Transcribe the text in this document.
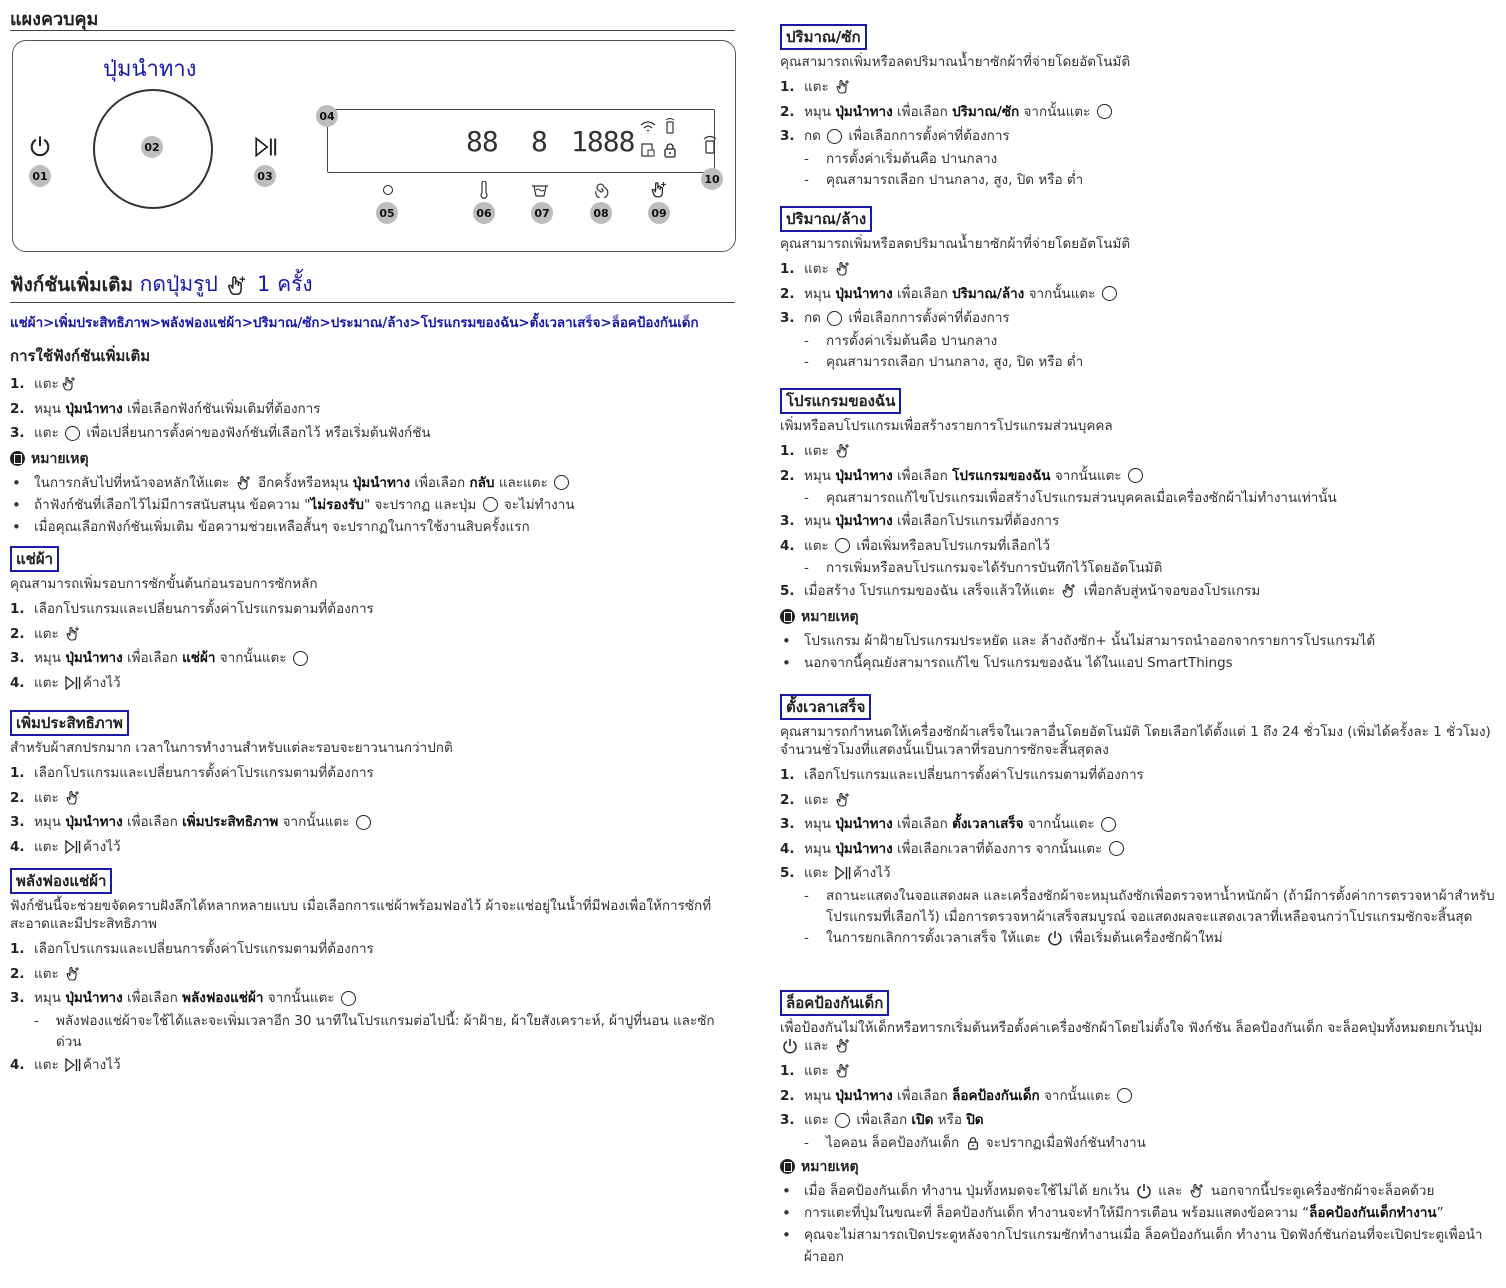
แผงควบคุม
ปุ่มนำทาง
01
02
03
88 8 1888
04
10
05	06	07	08	09
ฟังก์ชันเพิ่มเติม กดปุ่มรูป 1 ครั้ง
แช่ผ้า>เพิ่มประสิทธิภาพ>พลังฟองแช่ผ้า>ปริมาณ/ซัก>ประมาณ/ล้าง>โปรแกรมของฉัน>ตั้งเวลาเสร็จ>ล็อคป้องกันเด็ก
การใช้ฟังก์ชันเพิ่มเติม
1. แตะ
2. หมุน ปุ่มนำทาง เพื่อเลือกฟังก์ชันเพิ่มเติมที่ต้องการ
3. แตะ เพื่อเปลี่ยนการตั้งค่าของฟังก์ชันที่เลือกไว้ หรือเริ่มต้นฟังก์ชัน
หมายเหตุ
• ในการกลับไปที่หน้าจอหลักให้แตะ อีกครั้งหรือหมุน ปุ่มนำทาง เพื่อเลือก กลับ และแตะ
• ถ้าฟังก์ชันที่เลือกไว้ไม่มีการสนับสนุน ข้อความ "ไม่รองรับ" จะปรากฏ และปุ่ม จะไม่ทำงาน
• เมื่อคุณเลือกฟังก์ชันเพิ่มเติม ข้อความช่วยเหลือสั้นๆ จะปรากฏในการใช้งานสิบครั้งแรก
แช่ผ้า
คุณสามารถเพิ่มรอบการซักขั้นต้นก่อนรอบการซักหลัก
1. เลือกโปรแกรมและเปลี่ยนการตั้งค่าโปรแกรมตามที่ต้องการ
2. แตะ
3. หมุน ปุ่มนำทาง เพื่อเลือก แช่ผ้า จากนั้นแตะ
4. แตะ ค้างไว้
เพิ่มประสิทธิภาพ
สำหรับผ้าสกปรกมาก เวลาในการทำงานสำหรับแต่ละรอบจะยาวนานกว่าปกติ
1. เลือกโปรแกรมและเปลี่ยนการตั้งค่าโปรแกรมตามที่ต้องการ
2. แตะ
3. หมุน ปุ่มนำทาง เพื่อเลือก เพิ่มประสิทธิภาพ จากนั้นแตะ
4. แตะ ค้างไว้
พลังฟองแช่ผ้า
ฟังก์ชันนี้จะช่วยขจัดคราบฝังลึกได้หลากหลายแบบ เมื่อเลือกการแช่ผ้าพร้อมฟองไว้ ผ้าจะแช่อยู่ในน้ำที่มีฟองเพื่อให้การซักที่สะอาดและมีประสิทธิภาพ
1. เลือกโปรแกรมและเปลี่ยนการตั้งค่าโปรแกรมตามที่ต้องการ
2. แตะ
3. หมุน ปุ่มนำทาง เพื่อเลือก พลังฟองแช่ผ้า จากนั้นแตะ
- พลังฟองแช่ผ้าจะใช้ได้และจะเพิ่มเวลาอีก 30 นาทีในโปรแกรมต่อไปนี้: ผ้าฝ้าย, ผ้าใยสังเคราะห์, ผ้าปูที่นอน และซักด่วน
4. แตะ ค้างไว้
ปริมาณ/ซัก
คุณสามารถเพิ่มหรือลดปริมาณน้ำยาซักผ้าที่จ่ายโดยอัตโนมัติ
1. แตะ
2. หมุน ปุ่มนำทาง เพื่อเลือก ปริมาณ/ซัก จากนั้นแตะ
3. กด เพื่อเลือกการตั้งค่าที่ต้องการ
- การตั้งค่าเริ่มต้นคือ ปานกลาง
- คุณสามารถเลือก ปานกลาง, สูง, ปิด หรือ ต่ำ
ปริมาณ/ล้าง
คุณสามารถเพิ่มหรือลดปริมาณน้ำยาซักผ้าที่จ่ายโดยอัตโนมัติ
1. แตะ
2. หมุน ปุ่มนำทาง เพื่อเลือก ปริมาณ/ล้าง จากนั้นแตะ
3. กด เพื่อเลือกการตั้งค่าที่ต้องการ
- การตั้งค่าเริ่มต้นคือ ปานกลาง
- คุณสามารถเลือก ปานกลาง, สูง, ปิด หรือ ต่ำ
โปรแกรมของฉัน
เพิ่มหรือลบโปรแกรมเพื่อสร้างรายการโปรแกรมส่วนบุคคล
1. แตะ
2. หมุน ปุ่มนำทาง เพื่อเลือก โปรแกรมของฉัน จากนั้นแตะ
- คุณสามารถแก้ไขโปรแกรมเพื่อสร้างโปรแกรมส่วนบุคคลเมื่อเครื่องซักผ้าไม่ทำงานเท่านั้น
3. หมุน ปุ่มนำทาง เพื่อเลือกโปรแกรมที่ต้องการ
4. แตะ เพื่อเพิ่มหรือลบโปรแกรมที่เลือกไว้
- การเพิ่มหรือลบโปรแกรมจะได้รับการบันทึกไว้โดยอัตโนมัติ
5. เมื่อสร้าง โปรแกรมของฉัน เสร็จแล้วให้แตะ เพื่อกลับสู่หน้าจอของโปรแกรม
หมายเหตุ
• โปรแกรม ผ้าฝ้ายโปรแกรมประหยัด และ ล้างถังซัก+ นั้นไม่สามารถนำออกจากรายการโปรแกรมได้
• นอกจากนี้คุณยังสามารถแก้ไข โปรแกรมของฉัน ได้ในแอป SmartThings
ตั้งเวลาเสร็จ
คุณสามารถกำหนดให้เครื่องซักผ้าเสร็จในเวลาอื่นโดยอัตโนมัติ โดยเลือกได้ตั้งแต่ 1 ถึง 24 ชั่วโมง (เพิ่มได้ครั้งละ 1 ชั่วโมง) จำนวนชั่วโมงที่แสดงนั้นเป็นเวลาที่รอบการซักจะสิ้นสุดลง
1. เลือกโปรแกรมและเปลี่ยนการตั้งค่าโปรแกรมตามที่ต้องการ
2. แตะ
3. หมุน ปุ่มนำทาง เพื่อเลือก ตั้งเวลาเสร็จ จากนั้นแตะ
4. หมุน ปุ่มนำทาง เพื่อเลือกเวลาที่ต้องการ จากนั้นแตะ
5. แตะ ค้างไว้
- สถานะแสดงในจอแสดงผล และเครื่องซักผ้าจะหมุนถังซักเพื่อตรวจหาน้ำหนักผ้า (ถ้ามีการตั้งค่าการตรวจหาผ้าสำหรับโปรแกรมที่เลือกไว้) เมื่อการตรวจหาผ้าเสร็จสมบูรณ์ จอแสดงผลจะแสดงเวลาที่เหลือจนกว่าโปรแกรมซักจะสิ้นสุด
- ในการยกเลิกการตั้งเวลาเสร็จ ให้แตะ เพื่อเริ่มต้นเครื่องซักผ้าใหม่
ล็อคป้องกันเด็ก
เพื่อป้องกันไม่ให้เด็กหรือทารกเริ่มต้นหรือตั้งค่าเครื่องซักผ้าโดยไม่ตั้งใจ ฟังก์ชัน ล็อคป้องกันเด็ก จะล็อคปุ่มทั้งหมดยกเว้นปุ่ม  และ
1. แตะ
2. หมุน ปุ่มนำทาง เพื่อเลือก ล็อคป้องกันเด็ก จากนั้นแตะ
3. แตะ เพื่อเลือก เปิด หรือ ปิด
- ไอคอน ล็อคป้องกันเด็ก จะปรากฏเมื่อฟังก์ชันทำงาน
หมายเหตุ
• เมื่อ ล็อคป้องกันเด็ก ทำงาน ปุ่มทั้งหมดจะใช้ไม่ได้ ยกเว้น และ นอกจากนี้ประตูเครื่องซักผ้าจะล็อคด้วย
• การแตะที่ปุ่มในขณะที่ ล็อคป้องกันเด็ก ทำงานจะทำให้มีการเตือน พร้อมแสดงข้อความ “ล็อคป้องกันเด็กทำงาน”
• คุณจะไม่สามารถเปิดประตูหลังจากโปรแกรมซักทำงานเมื่อ ล็อคป้องกันเด็ก ทำงาน ปิดฟังก์ชันก่อนที่จะเปิดประตูเพื่อนำผ้าออก
